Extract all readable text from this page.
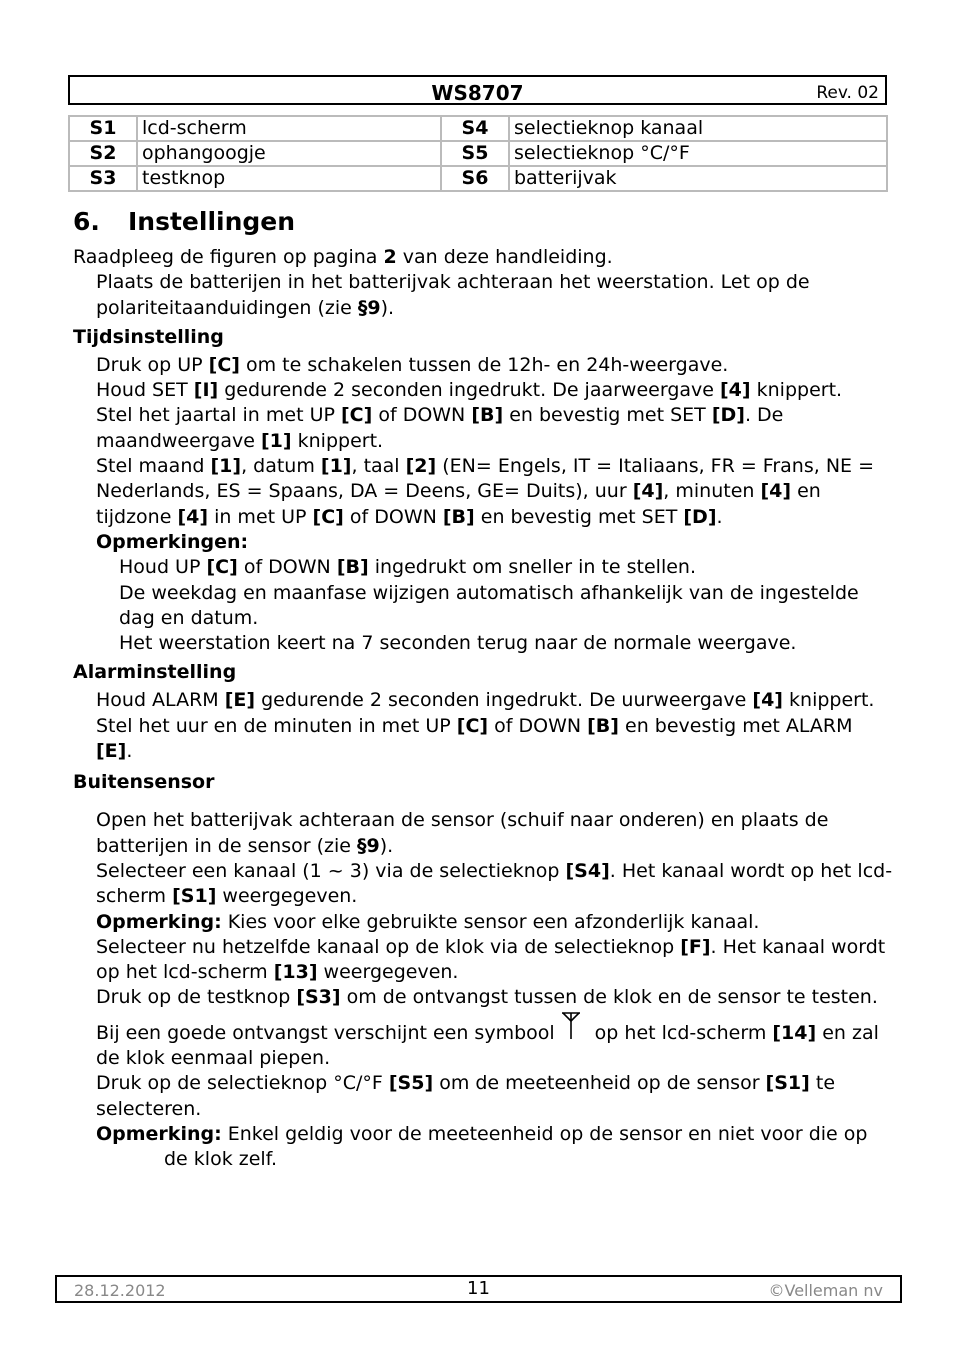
WS8707	Rev. 02
S1	lcd-scherm	S4	selectieknop kanaal
S2	ophangoogje	S5	selectieknop °C/°F
S3	testknop	S6	batterijvak
6. Instellingen

Raadpleeg de figuren op pagina 2 van deze handleiding.

Plaats de batterijen in het batterijvak achteraan het weerstation. Let op de polariteitaanduidingen (zie §9).

Tijdsinstelling

Druk op UP [C] om te schakelen tussen de 12h- en 24h-weergave.

Houd SET [I] gedurende 2 seconden ingedrukt. De jaarweergave [4] knippert.

Stel het jaartal in met UP [C] of DOWN [B] en bevestig met SET [D]. De maandweergave [1] knippert.

Stel maand [1], datum [1], taal [2] (EN= Engels, IT = Italiaans, FR = Frans, NE = Nederlands, ES = Spaans, DA = Deens, GE= Duits), uur [4], minuten [4] en tijdzone [4] in met UP [C] of DOWN [B] en bevestig met SET [D].

Opmerkingen:

Houd UP [C] of DOWN [B] ingedrukt om sneller in te stellen.

De weekdag en maanfase wijzigen automatisch afhankelijk van de ingestelde dag en datum.

Het weerstation keert na 7 seconden terug naar de normale weergave.

Alarminstelling

Houd ALARM [E] gedurende 2 seconden ingedrukt. De uurweergave [4] knippert.

Stel het uur en de minuten in met UP [C] of DOWN [B] en bevestig met ALARM [E].

Buitensensor

Open het batterijvak achteraan de sensor (schuif naar onderen) en plaats de batterijen in de sensor (zie §9).

Selecteer een kanaal (1 ~ 3) via de selectieknop [S4]. Het kanaal wordt op het lcd-scherm [S1] weergegeven.

Opmerking: Kies voor elke gebruikte sensor een afzonderlijk kanaal.

Selecteer nu hetzelfde kanaal op de klok via de selectieknop [F]. Het kanaal wordt op het lcd-scherm [13] weergegeven.

Druk op de testknop [S3] om de ontvangst tussen de klok en de sensor te testen. Bij een goede ontvangst verschijnt een symbool op het lcd-scherm [14] en zal de klok eenmaal piepen.

Druk op de selectieknop °C/°F [S5] om de meeteenheid op de sensor [S1] te selecteren.

Opmerking: Enkel geldig voor de meeteenheid op de sensor en niet voor die op de klok zelf.

28.12.2012	11	©Velleman nv
